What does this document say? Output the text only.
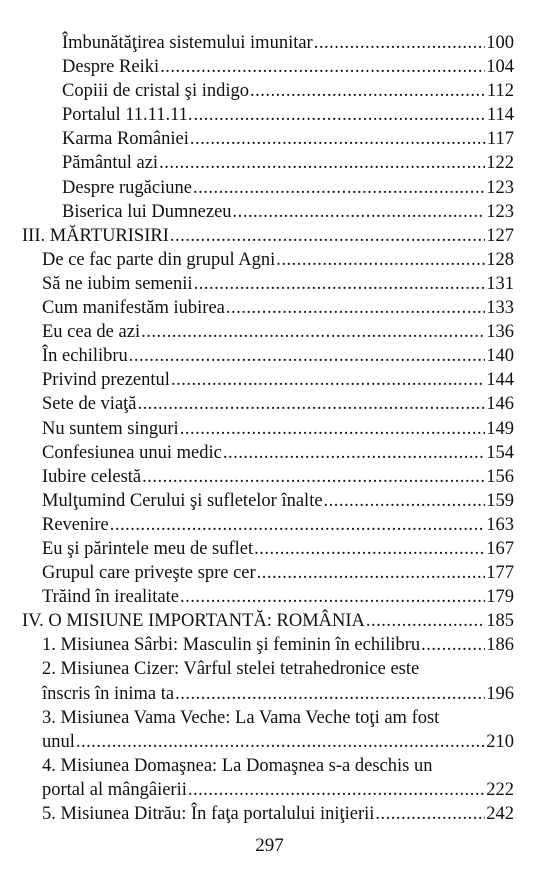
Îmbunătăţirea sistemului imunitar .....	100
Despre Reiki .....	104
Copiii de cristal şi indigo .....	112
Portalul 11.11.11. .....	114
Karma României .....	117
Pământul azi .....	122
Despre rugăciune .....	123
Biserica lui Dumnezeu .....	123
III. MĂRTURISIRI .....	127
De ce fac parte din grupul Agni .....	128
Să ne iubim semenii .....	131
Cum manifestăm iubirea .....	133
Eu cea de azi .....	136
În echilibru .....	140
Privind prezentul .....	144
Sete de viaţă .....	146
Nu suntem singuri .....	149
Confesiunea unui medic .....	154
Iubire celestă .....	156
Mulţumind Cerului şi sufletelor înalte .....	159
Revenire .....	163
Eu şi părintele meu de suflet .....	167
Grupul care priveşte spre cer .....	177
Trăind în irealitate .....	179
IV. O MISIUNE IMPORTANTĂ: ROMÂNIA .....	185
1. Misiunea Sârbi: Masculin şi feminin în echilibru .....	186
2. Misiunea Cizer: Vârful stelei tetrahedronice este
înscris în inima ta .....	196
3. Misiunea Vama Veche: La Vama Veche toţi am fost
unul .....	210
4. Misiunea Domaşnea: La Domaşnea s-a deschis un
portal al mângâierii .....	222
5. Misiunea Ditrău: În faţa portalului iniţierii .....	242
297
